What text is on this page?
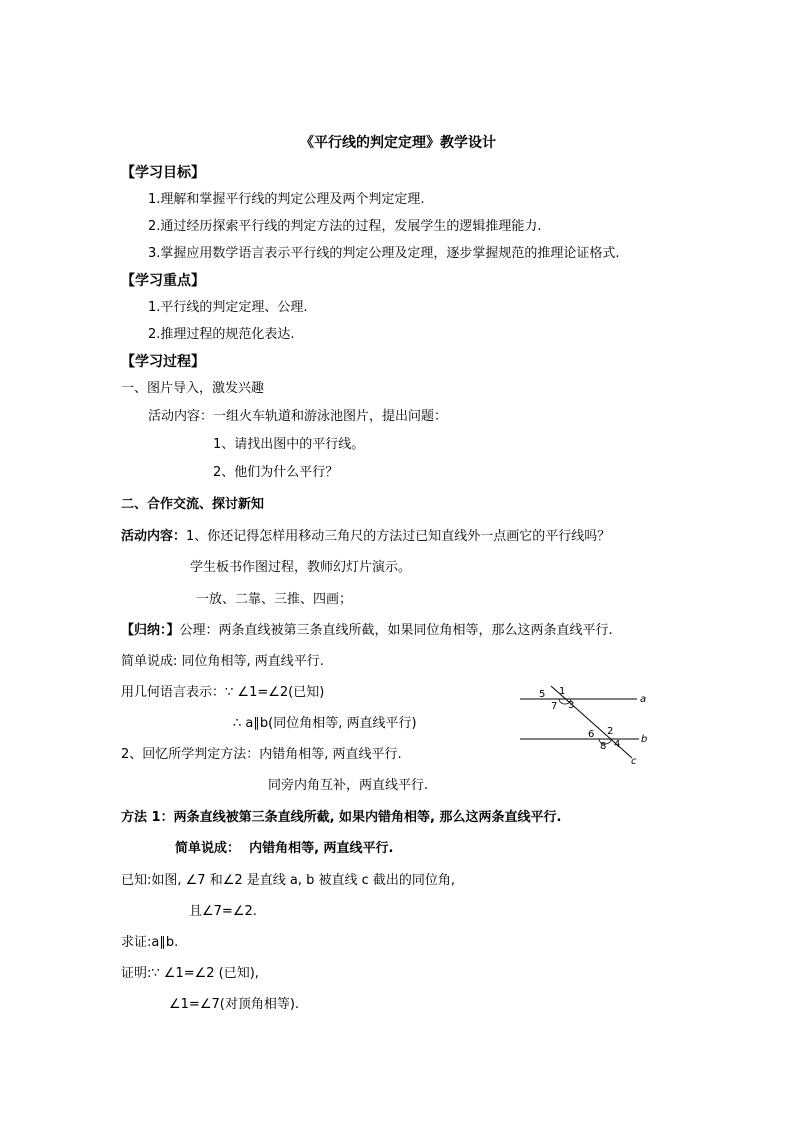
《平行线的判定定理》教学设计
【学习目标】
1.理解和掌握平行线的判定公理及两个判定定理.
2.通过经历探索平行线的判定方法的过程，发展学生的逻辑推理能力.
3.掌握应用数学语言表示平行线的判定公理及定理，逐步掌握规范的推理论证格式.
【学习重点】
1.平行线的判定定理、公理.
2.推理过程的规范化表达.
【学习过程】
一、图片导入，激发兴趣
活动内容：一组火车轨道和游泳池图片，提出问题：
1、请找出图中的平行线。
2、他们为什么平行？
二、合作交流、探讨新知
活动内容：1、你还记得怎样用移动三角尺的方法过已知直线外一点画它的平行线吗？
学生板书作图过程，教师幻灯片演示。
一放、二靠、三推、四画；
【归纳：】公理：两条直线被第三条直线所截，如果同位角相等，那么这两条直线平行.
简单说成: 同位角相等, 两直线平行.
用几何语言表示：∵ ∠1=∠2(已知)
∴ a∥b(同位角相等, 两直线平行)
2、回忆所学判定方法：内错角相等, 两直线平行.
同旁内角互补，两直线平行.
方法 1：两条直线被第三条直线所截, 如果内错角相等, 那么这两条直线平行.
简单说成： 内错角相等, 两直线平行.
已知:如图, ∠7 和∠2 是直线 a, b 被直线 c 截出的同位角,
且∠7=∠2.
求证:a∥b.
证明:∵ ∠1=∠2 (已知),
∠1=∠7(对顶角相等).
1
5
3
7
2
6
4
8
a
b
c
